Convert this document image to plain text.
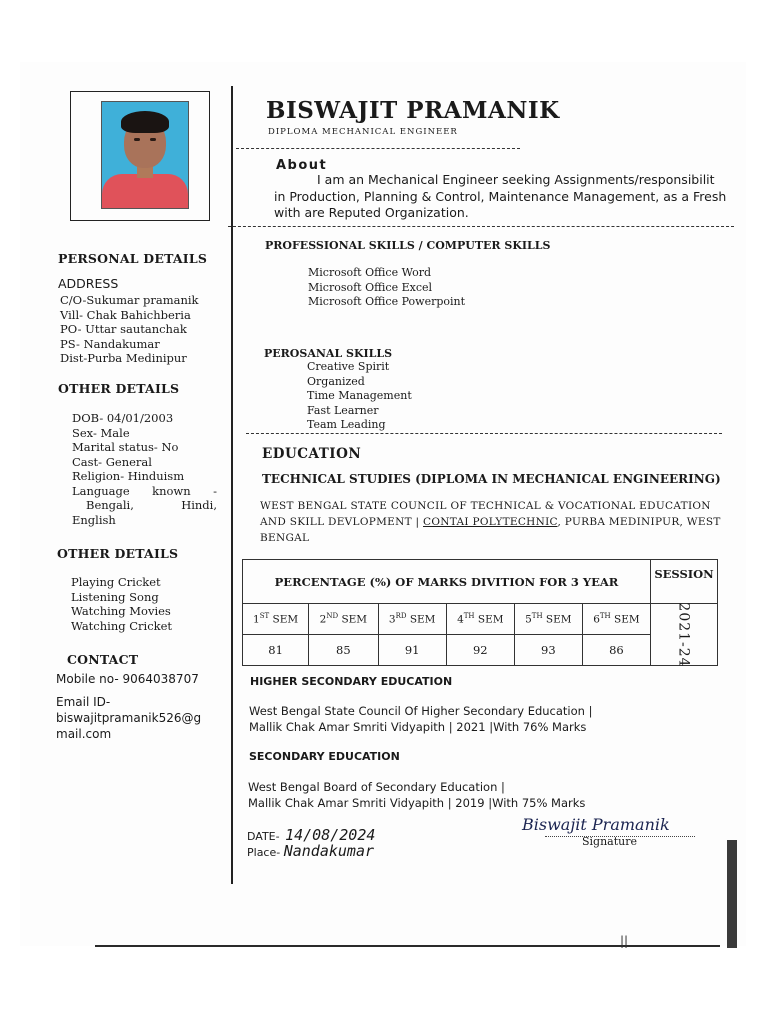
||
PERSONAL DETAILS
ADDRESS
C/O-Sukumar pramanik
Vill- Chak Bahichberia
PO- Uttar sautanchak
PS- Nandakumar
Dist-Purba Medinipur
OTHER DETAILS
DOB- 04/01/2003
Sex- Male
Marital status- No
Cast- General
Religion- Hinduism
Language known -
Bengali,	Hindi,
English
OTHER DETAILS
Playing Cricket
Listening Song
Watching Movies
Watching Cricket
CONTACT
Mobile no- 9064038707
Email ID-
biswajitpramanik526@g
mail.com
BISWAJIT PRAMANIK
DIPLOMA MECHANICAL ENGINEER
About
I am an Mechanical Engineer seeking Assignments/responsibilit
in Production, Planning & Control, Maintenance Management, as a Fresh
with are Reputed Organization.
PROFESSIONAL SKILLS / COMPUTER SKILLS
Microsoft Office Word
Microsoft Office Excel
Microsoft Office Powerpoint
PEROSANAL SKILLS
Creative Spirit
Organized
Time Management
Fast Learner
Team Leading
EDUCATION
TECHNICAL STUDIES (DIPLOMA IN MECHANICAL ENGINEERING)
WEST BENGAL STATE COUNCIL OF TECHNICAL & VOCATIONAL EDUCATION
AND SKILL DEVLOPMENT | CONTAI POLYTECHNIC, PURBA MEDINIPUR, WEST
BENGAL
PERCENTAGE (%) OF MARKS DIVITION FOR 3 YEAR						SESSION
1ST SEM	2ND SEM	3RD SEM	4TH SEM	5TH SEM	6TH SEM	2021-24
81	85	91	92	93	86	
HIGHER SECONDARY EDUCATION
West Bengal State Council Of Higher Secondary Education |
Mallik Chak Amar Smriti Vidyapith | 2021 |With 76% Marks
SECONDARY EDUCATION
West Bengal Board of Secondary Education |
Mallik Chak Amar Smriti Vidyapith | 2019 |With 75% Marks
DATE- 14/08/2024
Place- Nandakumar
Biswajit Pramanik
Signature
